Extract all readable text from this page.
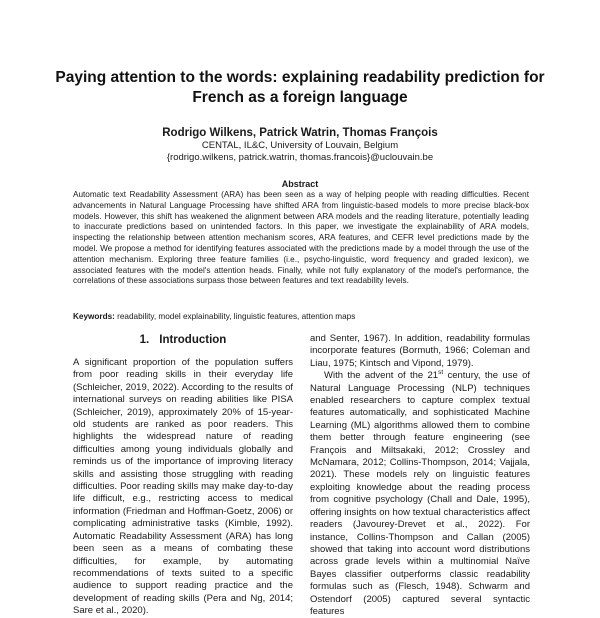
Paying attention to the words: explaining readability prediction for
French as a foreign language
Rodrigo Wilkens, Patrick Watrin, Thomas François
CENTAL, IL&C, University of Louvain, Belgium
{rodrigo.wilkens, patrick.watrin, thomas.francois}@uclouvain.be
Abstract

Automatic text Readability Assessment (ARA) has been seen as a way of helping people with reading difficulties. Recent advancements in Natural Language Processing have shifted ARA from linguistic-based models to more precise black-box models. However, this shift has weakened the alignment between ARA models and the reading literature, potentially leading to inaccurate predictions based on unintended factors. In this paper, we investigate the explainability of ARA models, inspecting the relationship between attention mechanism scores, ARA features, and CEFR level predictions made by the model. We propose a method for identifying features associated with the predictions made by a model through the use of the attention mechanism. Exploring three feature families (i.e., psycho-linguistic, word frequency and graded lexicon), we associated features with the model's attention heads. Finally, while not fully explanatory of the model's performance, the correlations of these associations surpass those between features and text readability levels.

Keywords: readability, model explainability, linguistic features, attention maps

1. Introduction

A significant proportion of the population suffers from poor reading skills in their everyday life (Schleicher, 2019, 2022). According to the results of international surveys on reading abilities like PISA (Schleicher, 2019), approximately 20% of 15-year-old students are ranked as poor readers. This highlights the widespread nature of reading difficulties among young individuals globally and reminds us of the importance of improving literacy skills and assisting those struggling with reading difficulties. Poor reading skills may make day-to-day life difficult, e.g., restricting access to medical information (Friedman and Hoffman-Goetz, 2006) or complicating administrative tasks (Kimble, 1992). Automatic Readability Assessment (ARA) has long been seen as a means of combating these difficulties, for example, by automating recommendations of texts suited to a specific audience to support reading practice and the development of reading skills (Pera and Ng, 2014; Sare et al., 2020).

and Senter, 1967). In addition, readability formulas incorporate features (Bormuth, 1966; Coleman and Liau, 1975; Kintsch and Vipond, 1979).

With the advent of the 21st century, the use of Natural Language Processing (NLP) techniques enabled researchers to capture complex textual features automatically, and sophisticated Machine Learning (ML) algorithms allowed them to combine them better through feature engineering (see François and Miltsakaki, 2012; Crossley and McNamara, 2012; Collins-Thompson, 2014; Vajjala, 2021). These models rely on linguistic features exploiting knowledge about the reading process from cognitive psychology (Chall and Dale, 1995), offering insights on how textual characteristics affect readers (Javourey-Drevet et al., 2022). For instance, Collins-Thompson and Callan (2005) showed that taking into account word distributions across grade levels within a multinomial Naïve Bayes classifier outperforms classic readability formulas such as (Flesch, 1948). Schwarm and Ostendorf (2005) captured several syntactic features
